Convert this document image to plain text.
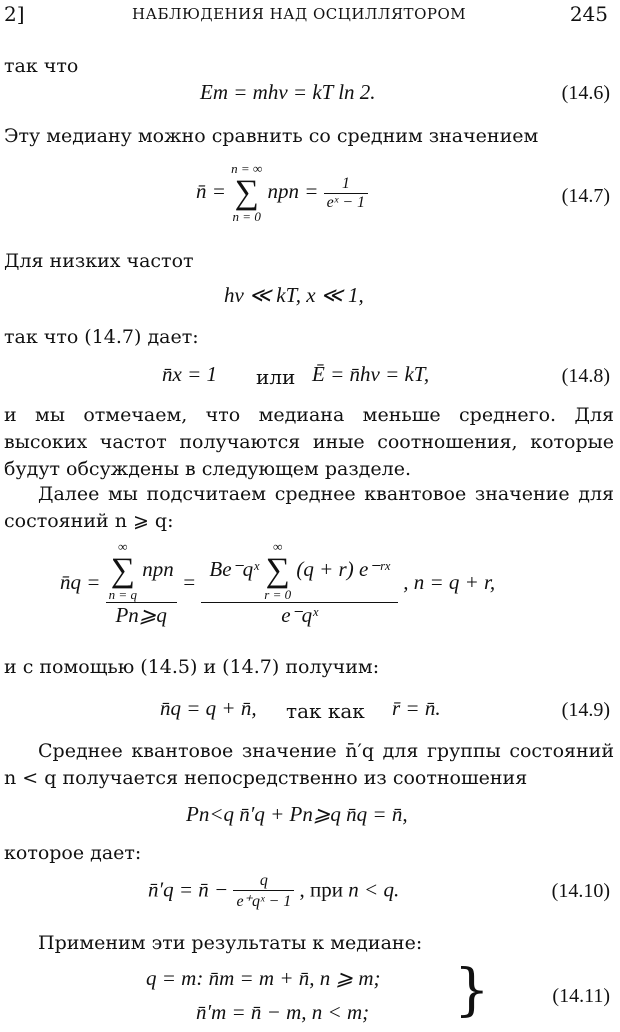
2]	НАБЛЮДЕНИЯ НАД ОСЦИЛЛЯТОРОМ	245
так что
Em = mhν = kT ln 2.	(14.6)
Эту медиану можно сравнить со средним значением
n̄ = n = ∞
∑
n = 0 npn = $\frac{1}{\text{eˣ − 1}}$	(14.7)
Для низких частот
hν ≪ kT, x ≪ 1,
так что (14.7) дает:
n̄x = 1 или Ē = n̄hν = kT,	(14.8)
и мы отмечаем, что медиана меньше среднего. Для высоких частот получаются иные соотношения, которые будут обсуждены в следующем разделе.
Далее мы подсчитаем среднее квантовое значение для состояний n ⩾ q:
n̄q = ∞
∑
n = q npn
Pn⩾q =
Be⁻qˣ ∞
∑
r = 0 (q + r) e⁻ʳˣ
e⁻qˣ
, n = q + r,
и с помощью (14.5) и (14.7) получим:
n̄q = q + n̄, так как r̄ = n̄.	(14.9)
Среднее квантовое значение n̄′q для группы состояний n < q получается непосредственно из соотношения
Pn<q n̄′q + Pn⩾q n̄q = n̄,
которое дает:
n̄′q = n̄ − $\frac{q}{\text{e⁺qˣ − 1}}$ , при n < q.	(14.10)
Применим эти результаты к медиане:
q = m: n̄m = m + n̄, n ⩾ m;
n̄′m = n̄ − m, n < m; }	(14.11)
